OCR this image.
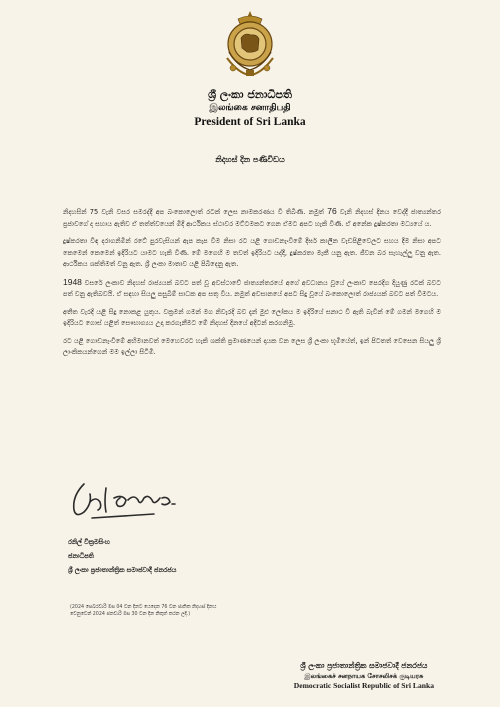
ශ්‍රී ලංකා ජනාධිපති
இலங்கை சனாதிபதி
President of Sri Lanka
නිදහස් දින පණිවිඩය

නිදහසින් 75 වැනි වසර සමරද්දී අප බංකොලොත් රටක් ලෙස නාමකරණය වී තිබිණි. නමුත් 76 වැනි නිදහස් දිනය වෙද්දී ජාත්‍යන්තර ප්‍රජාවගේ ද සහාය ඇතිව ඒ තත්ත්වයෙන් මිදී ආර්ථිකය ස්ථාවර මට්ටමකට ගෙන ඒමට අපට හැකි විණි. ඒ අනේක දුෂ්කරතා මධ්‍යයේ ය.

දුෂ්කරතා විඳ දරාගනිමින් රටේ පුරවැසියන් ඇප කැප වීම නිසා රට යළි ගොඩනැංවීමේ දීර්ඝ කාලීන වැඩපිළිවෙලට සහය දීම නිසා අපට කෙමෙන් කෙමෙන් ඉදිරියට යාමට හැකි විණි. මේ මගෙහි ම තවත් ඉදිරියට යද්දී, දුෂ්කරතා මැකී යනු ඇත. ජීවන බර සැහැල්ලු වනු ඇත. ආර්ථිකය ශක්තිමත් වනු ඇත. ශ්‍රී ලංකා මාතාව යළි පිබිදෙනු ඇත.

1948 වසරේ ලංකාව නිදහස් රාජ්‍යයක් බවට පත් වූ අවස්ථාවේ ජාත්‍යන්තරයේ අගේ අවධානය වූයේ ලංකාව පෙරදිග දියුණු රටක් බවට පත් වනු ඇතිබවයි. ඒ සඳහා සියලු පසුබිම් සාධක අප සතු විය. නමුත් අවසානයේ අපට සිදු වූයේ බංකොලොත් රාජ්‍යයක් බවට පත් වීමටය.

අතීත වැරදි යළි සිදු නොකළ යුතුය. වක්‍රමන් ගමන් මග නිවැරදි බව දැන් මුළු ලෝකය ම ඉදිරියේ සනාථ වී ඇති බැවින් මේ ගමන් මගෙහි ම ඉදිරියට ගොස් යළිත් සෞභාග්‍යය උදා කරගැනීමට මේ නිදහස් දිනයේ අදිටන් කරගනිමු.

රට යළි ගොඩනැංවීමේ අභිමානවත් මෙහෙවරට හැකි ශක්ති ප්‍රමාණයෙන් දායක වන ලෙස ශ්‍රී ලංකා භූමියේත්, ඉන් පිටතත් වෙසෙන සියලු ශ්‍රී ලාංකිකයන්ගෙන් මම ඉල්ලා සිටිමි.

රනිල් වික්‍රමසිංහ
ජනාධිපති
ශ්‍රී ලංකා ප්‍රජාතාන්ත්‍රික සමාජවාදී ජනරජය
(2024 පෙබරවාරි මස 04 වන දිනට යෙදෙන 76 වන ජාතික නිදහස් දිනය
වෙනුවෙන් 2024 ජනවාරි මස 30 වන දින නිකුත් කරන ලදී.)
ශ්‍රී ලංකා ප්‍රජාතාන්ත්‍රික සමාජවාදී ජනරජය
இலங்கைச் சனநாயக சோசலிசக் குடியரசு
Democratic Socialist Republic of Sri Lanka
